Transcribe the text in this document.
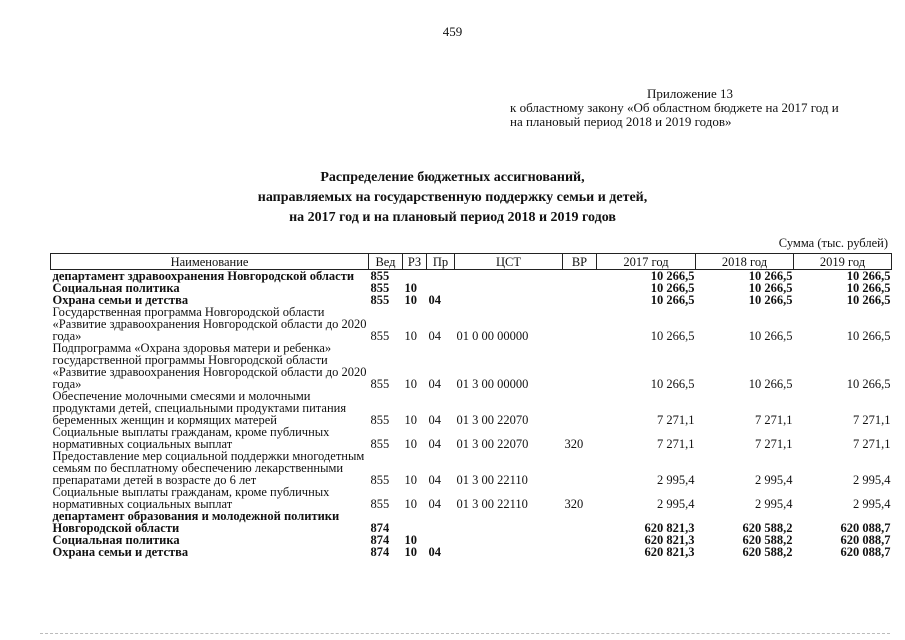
459
Приложение 13
к областному закону «Об областном бюджете на 2017 год и
на плановый период 2018 и 2019 годов»
Распределение бюджетных ассигнований,
направляемых на государственную поддержку семьи и детей,
на 2017 год и на плановый период 2018 и 2019 годов
Сумма (тыс. рублей)
Наименование	Вед	РЗ	Пр	ЦСТ	ВР	2017 год	2018 год	2019 год
департамент здравоохранения Новгородской области	855					10 266,5	10 266,5	10 266,5
Социальная политика	855	10				10 266,5	10 266,5	10 266,5
Охрана семьи и детства	855	10	04			10 266,5	10 266,5	10 266,5
Государственная программа Новгородской области «Развитие здравоохранения Новгородской области до 2020 года»	855	10	04	01 0 00 00000		10 266,5	10 266,5	10 266,5
Подпрограмма «Охрана здоровья матери и ребенка» государственной программы Новгородской области «Развитие здравоохранения Новгородской области до 2020 года»	855	10	04	01 3 00 00000		10 266,5	10 266,5	10 266,5
Обеспечение молочными смесями и молочными продуктами детей, специальными продуктами питания беременных женщин и кормящих матерей	855	10	04	01 3 00 22070		7 271,1	7 271,1	7 271,1
Социальные выплаты гражданам, кроме публичных нормативных социальных выплат	855	10	04	01 3 00 22070	320	7 271,1	7 271,1	7 271,1
Предоставление мер социальной поддержки многодетным семьям по бесплатному обеспечению лекарственными препаратами детей в возрасте до 6 лет	855	10	04	01 3 00 22110		2 995,4	2 995,4	2 995,4
Социальные выплаты гражданам, кроме публичных нормативных социальных выплат	855	10	04	01 3 00 22110	320	2 995,4	2 995,4	2 995,4
департамент образования и молодежной политики Новгородской области	874					620 821,3	620 588,2	620 088,7
Социальная политика	874	10				620 821,3	620 588,2	620 088,7
Охрана семьи и детства	874	10	04			620 821,3	620 588,2	620 088,7
